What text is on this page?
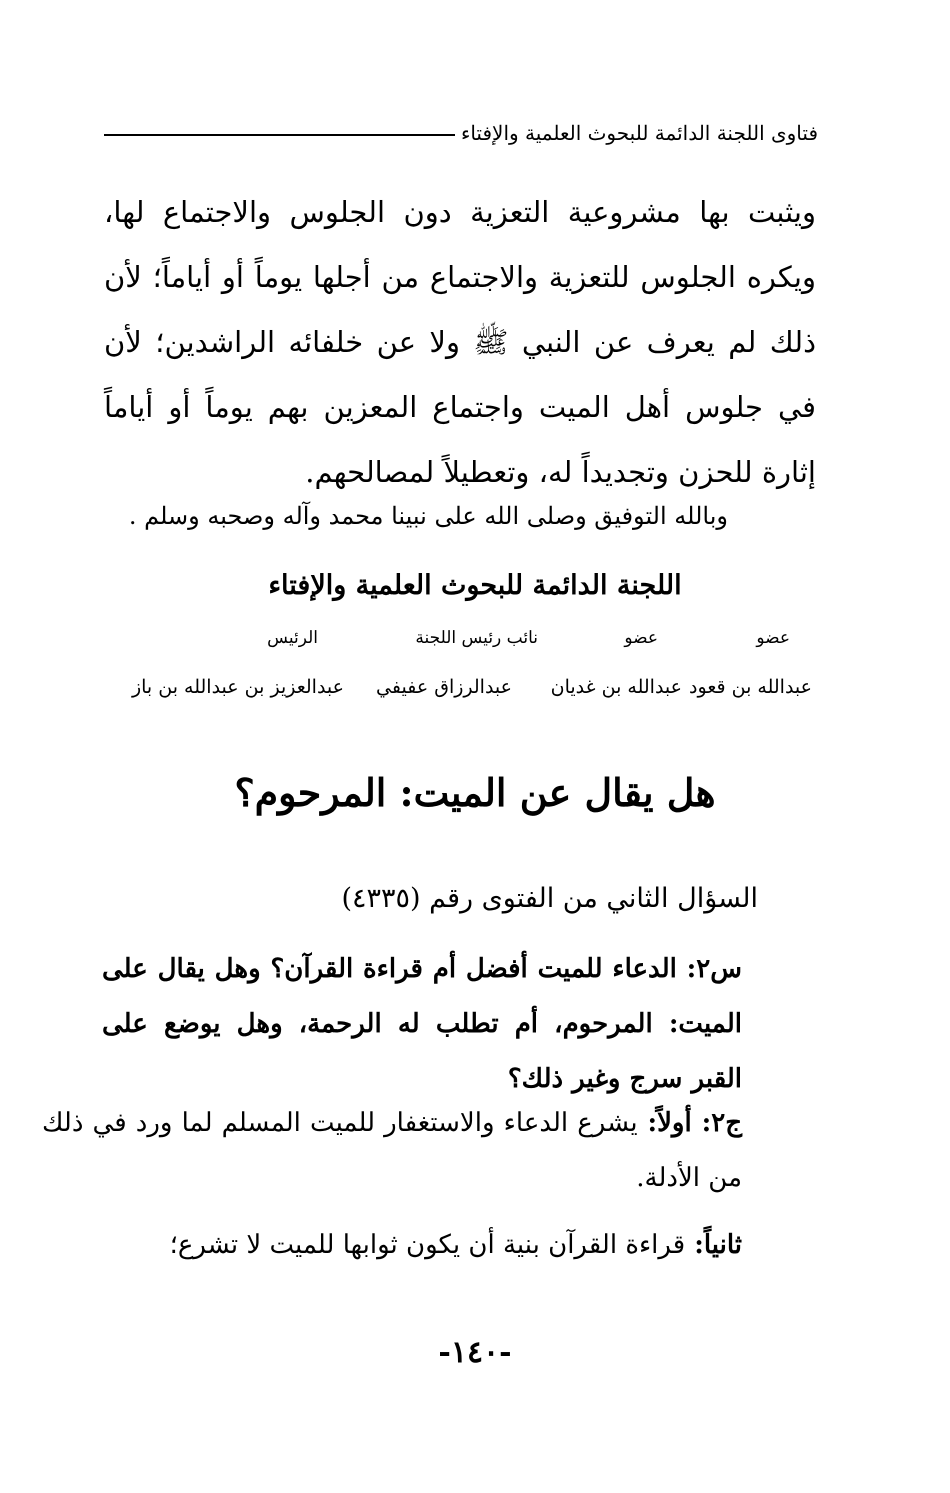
فتاوى اللجنة الدائمة للبحوث العلمية والإفتاء

ويثبت بها مشروعية التعزية دون الجلوس والاجتماع لها، ويكره الجلوس للتعزية والاجتماع من أجلها يوماً أو أياماً؛ لأن ذلك لم يعرف عن النبي ﷺ ولا عن خلفائه الراشدين؛ لأن في جلوس أهل الميت واجتماع المعزين بهم يوماً أو أياماً إثارة للحزن وتجديداً له، وتعطيلاً لمصالحهم.

وبالله التوفيق وصلى الله على نبينا محمد وآله وصحبه وسلم .

اللجنة الدائمة للبحوث العلمية والإفتاء

عضو
عضو
نائب رئيس اللجنة
الرئيس
عبدالله بن قعود
عبدالله بن غديان
عبدالرزاق عفيفي
عبدالعزيز بن عبدالله بن باز
هل يقال عن الميت: المرحوم؟

السؤال الثاني من الفتوى رقم (٤٣٣٥)

س٢: الدعاء للميت أفضل أم قراءة القرآن؟ وهل يقال على الميت: المرحوم، أم تطلب له الرحمة، وهل يوضع على القبر سرج وغير ذلك؟

ج٢: أولاً: يشرع الدعاء والاستغفار للميت المسلم لما ورد في ذلك من الأدلة.

ثانياً: قراءة القرآن بنية أن يكون ثوابها للميت لا تشرع؛

-١٤٠-
